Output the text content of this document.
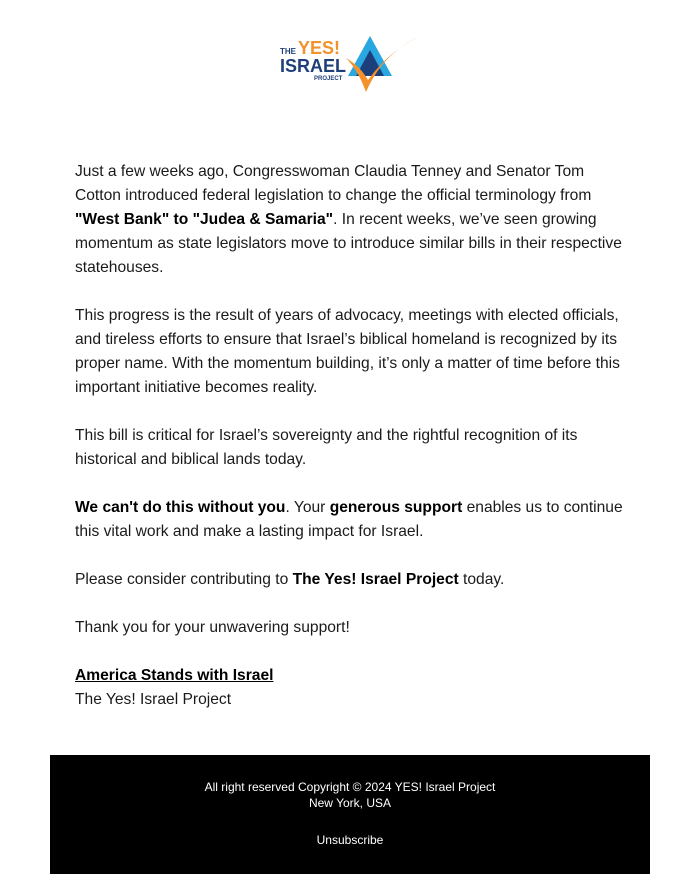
THE YES!
ISRAEL
PROJECT

Just a few weeks ago, Congresswoman Claudia Tenney and Senator Tom Cotton introduced federal legislation to change the official terminology from "West Bank" to "Judea & Samaria". In recent weeks, we’ve seen growing momentum as state legislators move to introduce similar bills in their respective statehouses.

This progress is the result of years of advocacy, meetings with elected officials, and tireless efforts to ensure that Israel’s biblical homeland is recognized by its proper name. With the momentum building, it’s only a matter of time before this important initiative becomes reality.

This bill is critical for Israel’s sovereignty and the rightful recognition of its historical and biblical lands today.

We can't do this without you. Your generous support enables us to continue this vital work and make a lasting impact for Israel.

Please consider contributing to The Yes! Israel Project today.

Thank you for your unwavering support!

America Stands with Israel
The Yes! Israel Project

All right reserved Copyright © 2024 YES! Israel Project
New York, USA
Unsubscribe
